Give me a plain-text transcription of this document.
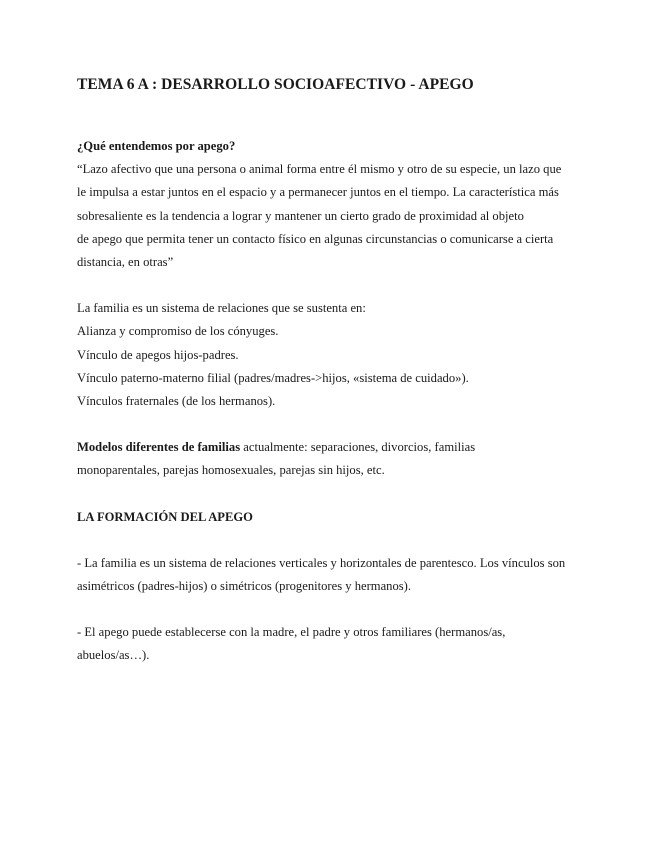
TEMA 6 A : DESARROLLO SOCIOAFECTIVO - APEGO

¿Qué entendemos por apego?

“Lazo afectivo que una persona o animal forma entre él mismo y otro de su especie, un lazo que
le impulsa a estar juntos en el espacio y a permanecer juntos en el tiempo. La característica más
sobresaliente es la tendencia a lograr y mantener un cierto grado de proximidad al objeto
de apego que permita tener un contacto físico en algunas circunstancias o comunicarse a cierta
distancia, en otras”
La familia es un sistema de relaciones que se sustenta en:
Alianza y compromiso de los cónyuges.
Vínculo de apegos hijos-padres.
Vínculo paterno-materno filial (padres/madres->hijos, «sistema de cuidado»).
Vínculos fraternales (de los hermanos).
Modelos diferentes de familias actualmente: separaciones, divorcios, familias
monoparentales, parejas homosexuales, parejas sin hijos, etc.

LA FORMACIÓN DEL APEGO

- La familia es un sistema de relaciones verticales y horizontales de parentesco. Los vínculos son
asimétricos (padres-hijos) o simétricos (progenitores y hermanos).
- El apego puede establecerse con la madre, el padre y otros familiares (hermanos/as,
abuelos/as…).
